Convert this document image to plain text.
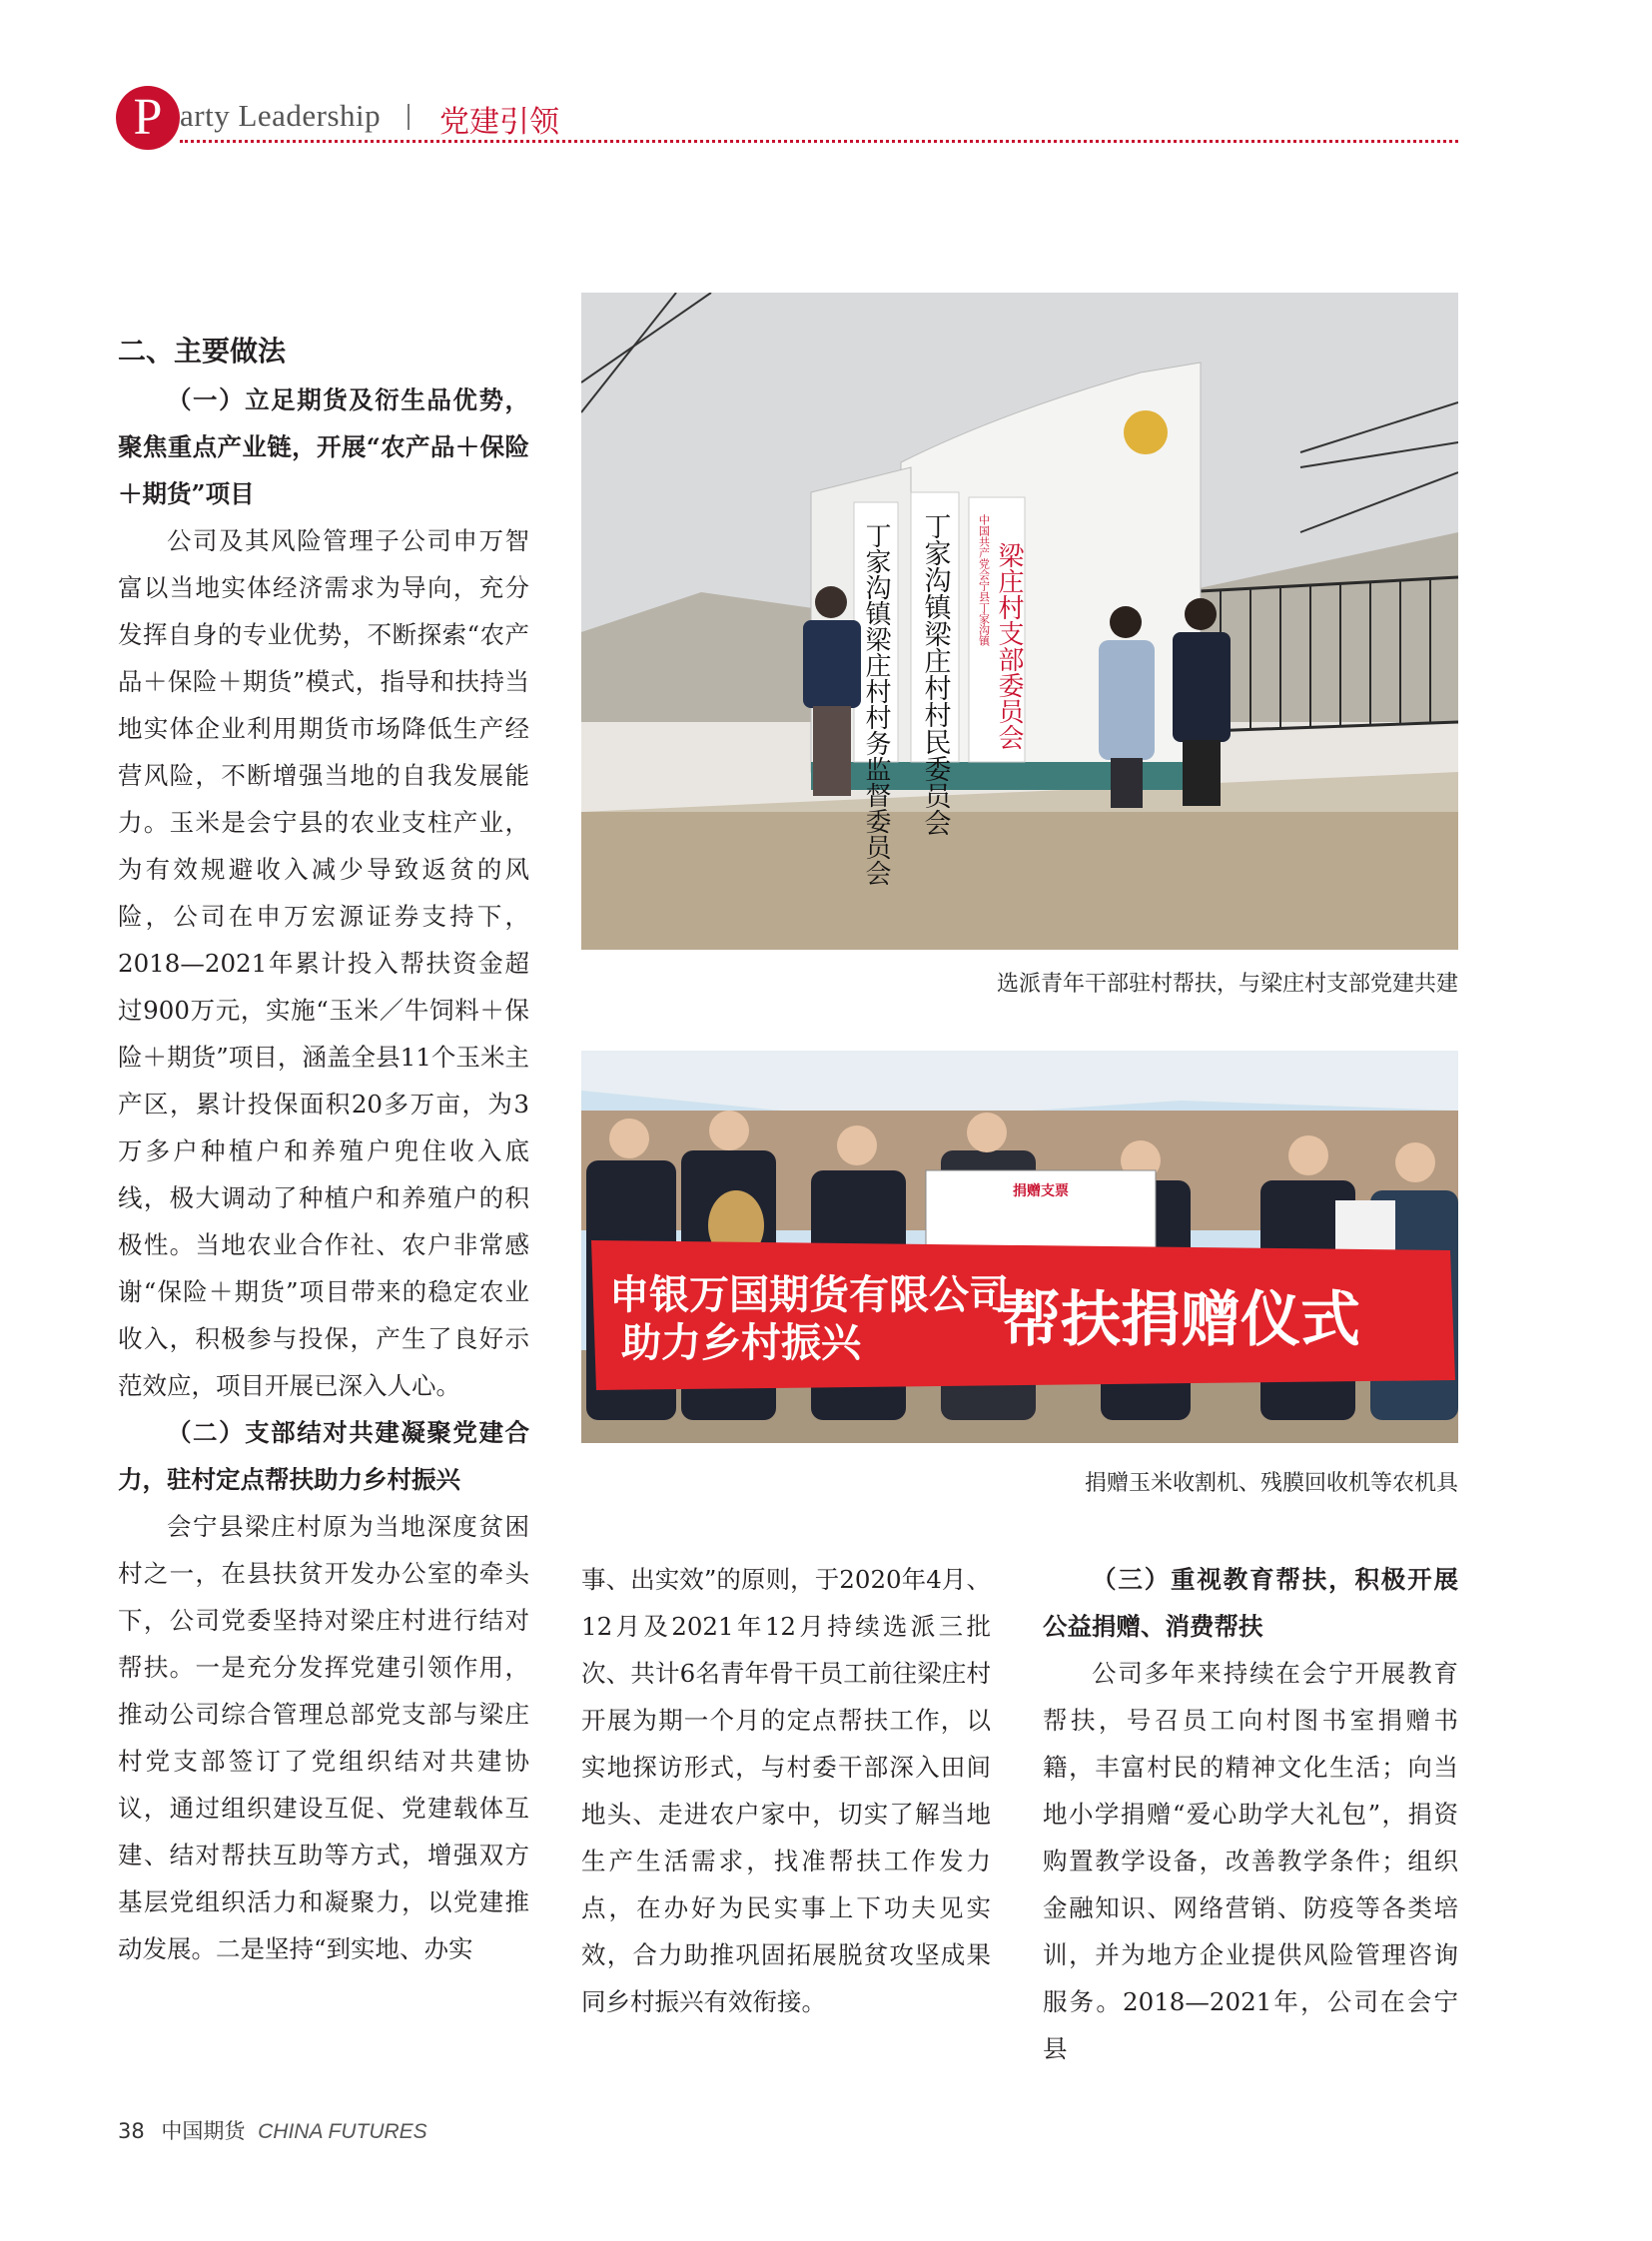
P arty Leadership 党建引领
二、主要做法

（一）立足期货及衍生品优势，聚焦重点产业链，开展“农产品＋保险＋期货”项目

公司及其风险管理子公司申万智富以当地实体经济需求为导向，充分发挥自身的专业优势，不断探索“农产品＋保险＋期货”模式，指导和扶持当地实体企业利用期货市场降低生产经营风险，不断增强当地的自我发展能力。玉米是会宁县的农业支柱产业，为有效规避收入减少导致返贫的风险，公司在申万宏源证券支持下，2018—2021年累计投入帮扶资金超过900万元，实施“玉米／牛饲料＋保险＋期货”项目，涵盖全县11个玉米主产区，累计投保面积20多万亩，为3万多户种植户和养殖户兜住收入底线，极大调动了种植户和养殖户的积极性。当地农业合作社、农户非常感谢“保险＋期货”项目带来的稳定农业收入，积极参与投保，产生了良好示范效应，项目开展已深入人心。

（二）支部结对共建凝聚党建合力，驻村定点帮扶助力乡村振兴

会宁县梁庄村原为当地深度贫困村之一，在县扶贫开发办公室的牵头下，公司党委坚持对梁庄村进行结对帮扶。一是充分发挥党建引领作用，推动公司综合管理总部党支部与梁庄村党支部签订了党组织结对共建协议，通过组织建设互促、党建载体互建、结对帮扶互助等方式，增强双方基层党组织活力和凝聚力，以党建推动发展。二是坚持“到实地、办实

事、出实效”的原则，于2020年4月、12月及2021年12月持续选派三批次、共计6名青年骨干员工前往梁庄村开展为期一个月的定点帮扶工作，以实地探访形式，与村委干部深入田间地头、走进农户家中，切实了解当地生产生活需求，找准帮扶工作发力点，在办好为民实事上下功夫见实效，合力助推巩固拓展脱贫攻坚成果同乡村振兴有效衔接。

（三）重视教育帮扶，积极开展公益捐赠、消费帮扶

公司多年来持续在会宁开展教育帮扶，号召员工向村图书室捐赠书籍，丰富村民的精神文化生活；向当地小学捐赠“爱心助学大礼包”，捐资购置教学设备，改善教学条件；组织金融知识、网络营销、防疫等各类培训，并为地方企业提供风险管理咨询服务。2018—2021年，公司在会宁县

丁家沟镇梁庄村村务监督委员会 丁家沟镇梁庄村村民委员会 中国共产党会宁县丁家沟镇 梁庄村支部委员会
选派青年干部驻村帮扶，与梁庄村支部党建共建
捐赠支票
申银万国期货有限公司
助力乡村振兴 帮扶捐赠仪式
捐赠玉米收割机、残膜回收机等农机具
38 中国期货 CHINA FUTURES
